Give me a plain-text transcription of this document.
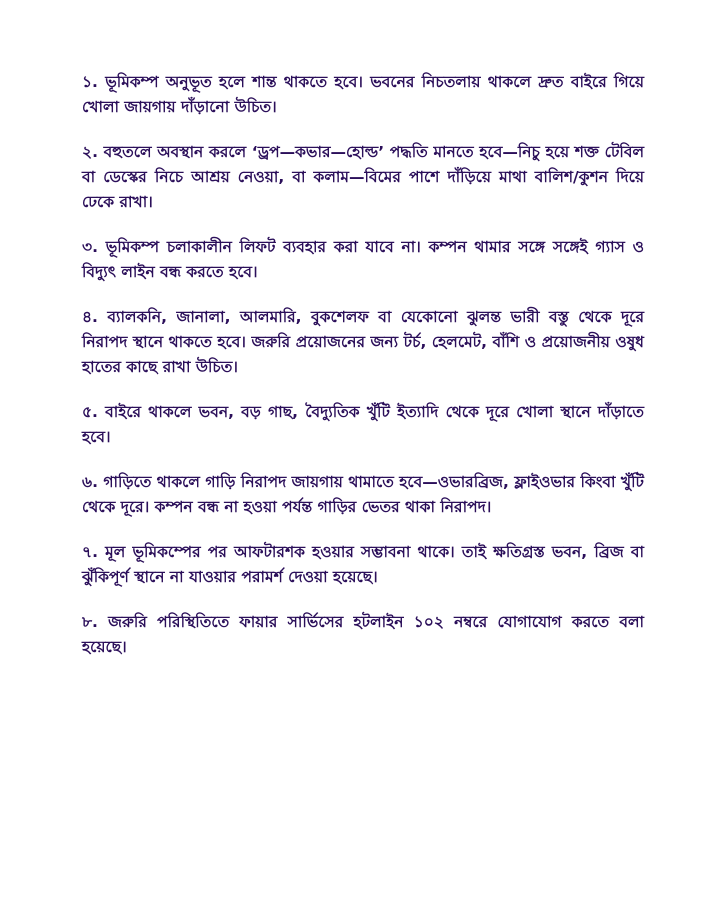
১. ভূমিকম্প অনুভূত হলে শান্ত থাকতে হবে। ভবনের নিচতলায় থাকলে দ্রুত বাইরে গিয়ে খোলা জায়গায় দাঁড়ানো উচিত।

২. বহুতলে অবস্থান করলে ‘ড্রপ—কভার—হোল্ড’ পদ্ধতি মানতে হবে—নিচু হয়ে শক্ত টেবিল বা ডেস্কের নিচে আশ্রয় নেওয়া, বা কলাম—বিমের পাশে দাঁড়িয়ে মাথা বালিশ/কুশন দিয়ে ঢেকে রাখা।

৩. ভূমিকম্প চলাকালীন লিফট ব্যবহার করা যাবে না। কম্পন থামার সঙ্গে সঙ্গেই গ্যাস ও বিদ্যুৎ লাইন বন্ধ করতে হবে।

৪. ব্যালকনি, জানালা, আলমারি, বুকশেলফ বা যেকোনো ঝুলন্ত ভারী বস্তু থেকে দূরে নিরাপদ স্থানে থাকতে হবে। জরুরি প্রয়োজনের জন্য টর্চ, হেলমেট, বাঁশি ও প্রয়োজনীয় ওষুধ হাতের কাছে রাখা উচিত।

৫. বাইরে থাকলে ভবন, বড় গাছ, বৈদ্যুতিক খুঁটি ইত্যাদি থেকে দূরে খোলা স্থানে দাঁড়াতে হবে।

৬. গাড়িতে থাকলে গাড়ি নিরাপদ জায়গায় থামাতে হবে—ওভারব্রিজ, ফ্লাইওভার কিংবা খুঁটি থেকে দূরে। কম্পন বন্ধ না হওয়া পর্যন্ত গাড়ির ভেতর থাকা নিরাপদ।

৭. মূল ভূমিকম্পের পর আফটারশক হওয়ার সম্ভাবনা থাকে। তাই ক্ষতিগ্রস্ত ভবন, ব্রিজ বা ঝুঁকিপূর্ণ স্থানে না যাওয়ার পরামর্শ দেওয়া হয়েছে।

৮. জরুরি পরিস্থিতিতে ফায়ার সার্ভিসের হটলাইন ১০২ নম্বরে যোগাযোগ করতে বলা হয়েছে।
